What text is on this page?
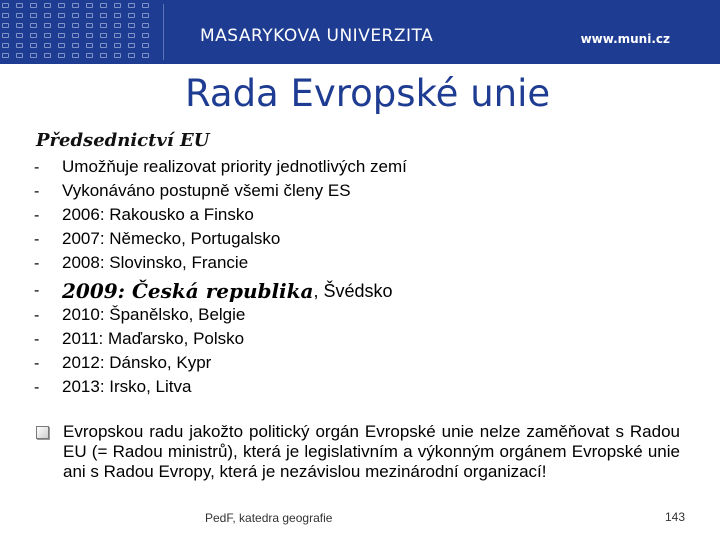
MASARYKOVA UNIVERZITA	www.muni.cz
Rada Evropské unie
Předsednictví EU
-	Umožňuje realizovat priority jednotlivých zemí
-	Vykonáváno postupně všemi členy ES
-	2006: Rakousko a Finsko
-	2007: Německo, Portugalsko
-	2008: Slovinsko, Francie
-	2009: Česká republika , Švédsko
-	2010: Španělsko, Belgie
-	2011: Maďarsko, Polsko
-	2012: Dánsko, Kypr
-	2013: Irsko, Litva
Evropskou radu jakožto politický orgán Evropské unie nelze zaměňovat s Radou EU (= Radou ministrů), která je legislativním a výkonným orgánem Evropské unie ani s Radou Evropy, která je nezávislou mezinárodní organizací!
PedF, katedra geografie	143
